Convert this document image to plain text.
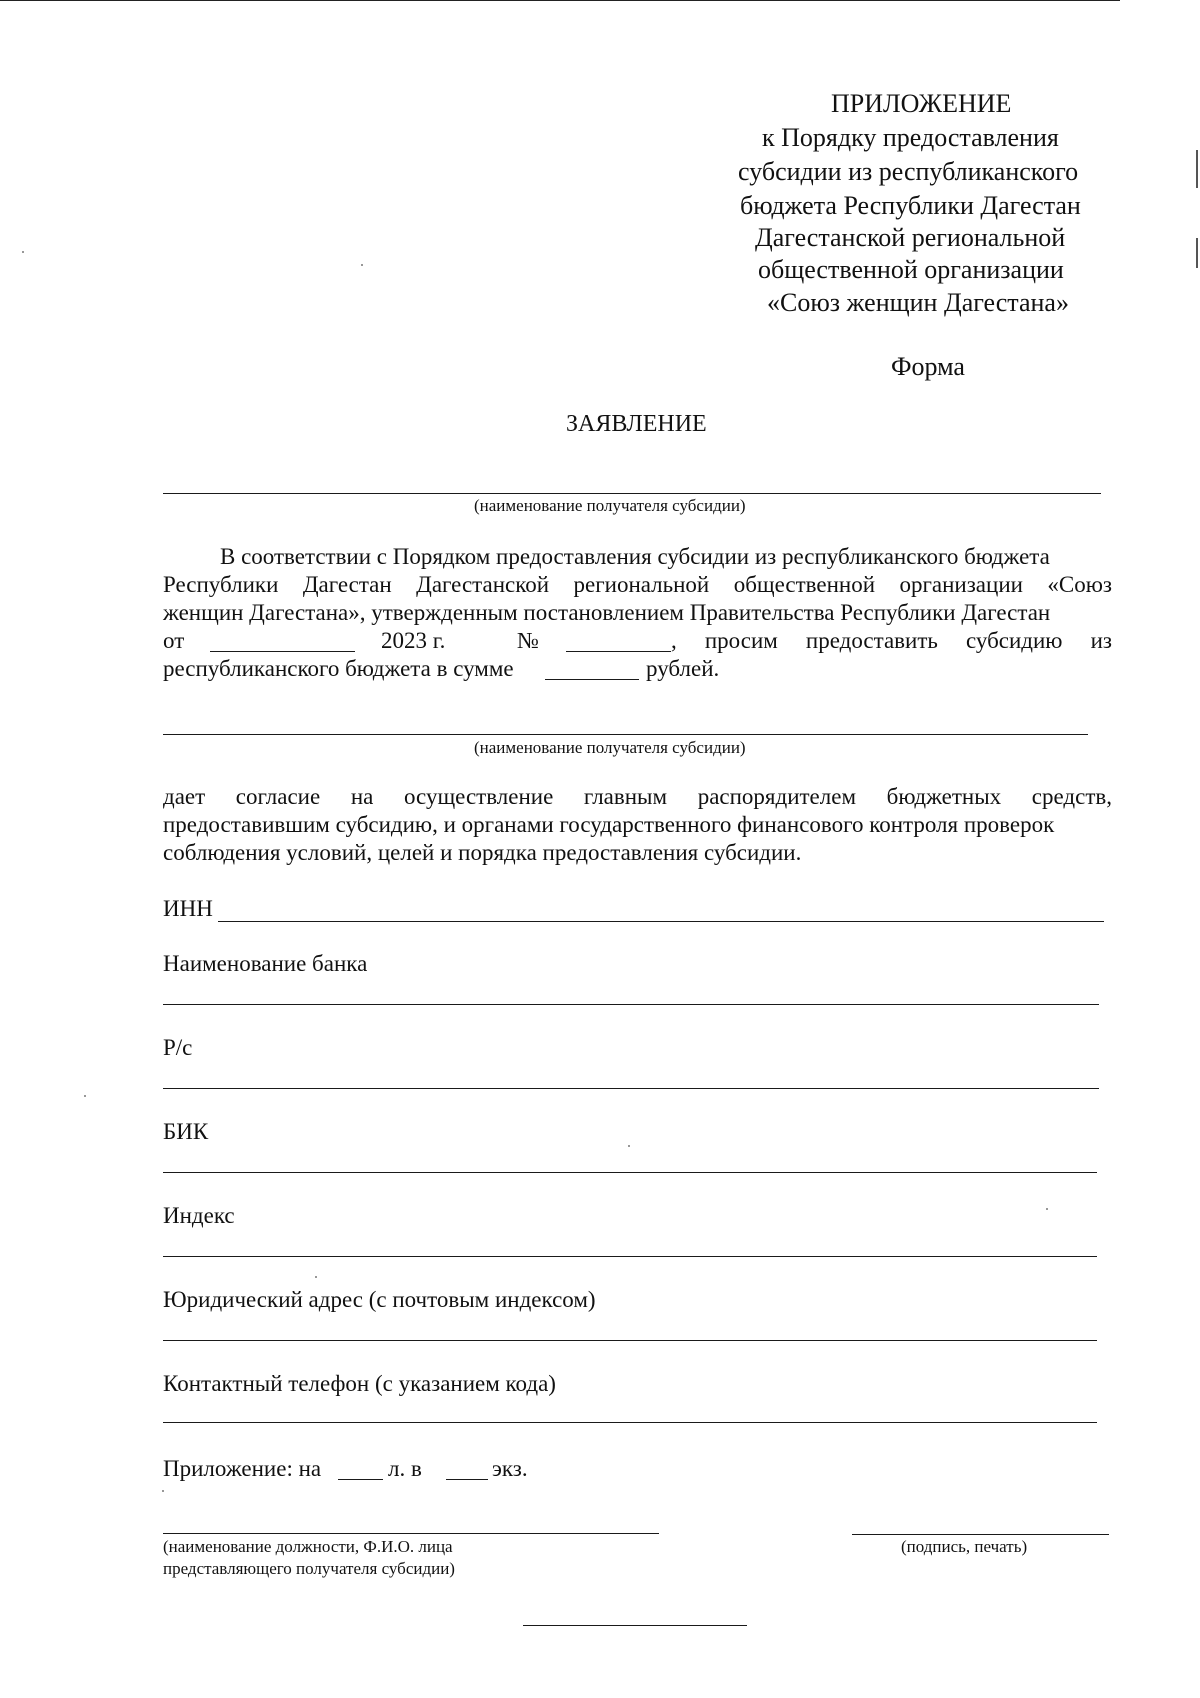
ПРИЛОЖЕНИЕ
к Порядку предоставления
субсидии из республиканского
бюджета Республики Дагестан
Дагестанской региональной
общественной организации
«Союз женщин Дагестана»
Форма
ЗАЯВЛЕНИЕ
(наименование получателя субсидии)
В соответствии с Порядком предоставления субсидии из республиканского бюджета
Республики Дагестан Дагестанской региональной общественной организации «Союз
женщин Дагестана», утвержденным постановлением Правительства Республики Дагестан
от	2023 г.	№	, просим предоставить субсидию из
республиканского бюджета в сумме	рублей.
(наименование получателя субсидии)
дает согласие на осуществление главным распорядителем бюджетных средств,
предоставившим субсидию, и органами государственного финансового контроля проверок
соблюдения условий, целей и порядка предоставления субсидии.
ИНН
Наименование банка
Р/с
БИК
Индекс
Юридический адрес (с почтовым индексом)
Контактный телефон (с указанием кода)
Приложение: на	л. в	экз.
(наименование должности, Ф.И.О. лица
представляющего получателя субсидии)
(подпись, печать)
